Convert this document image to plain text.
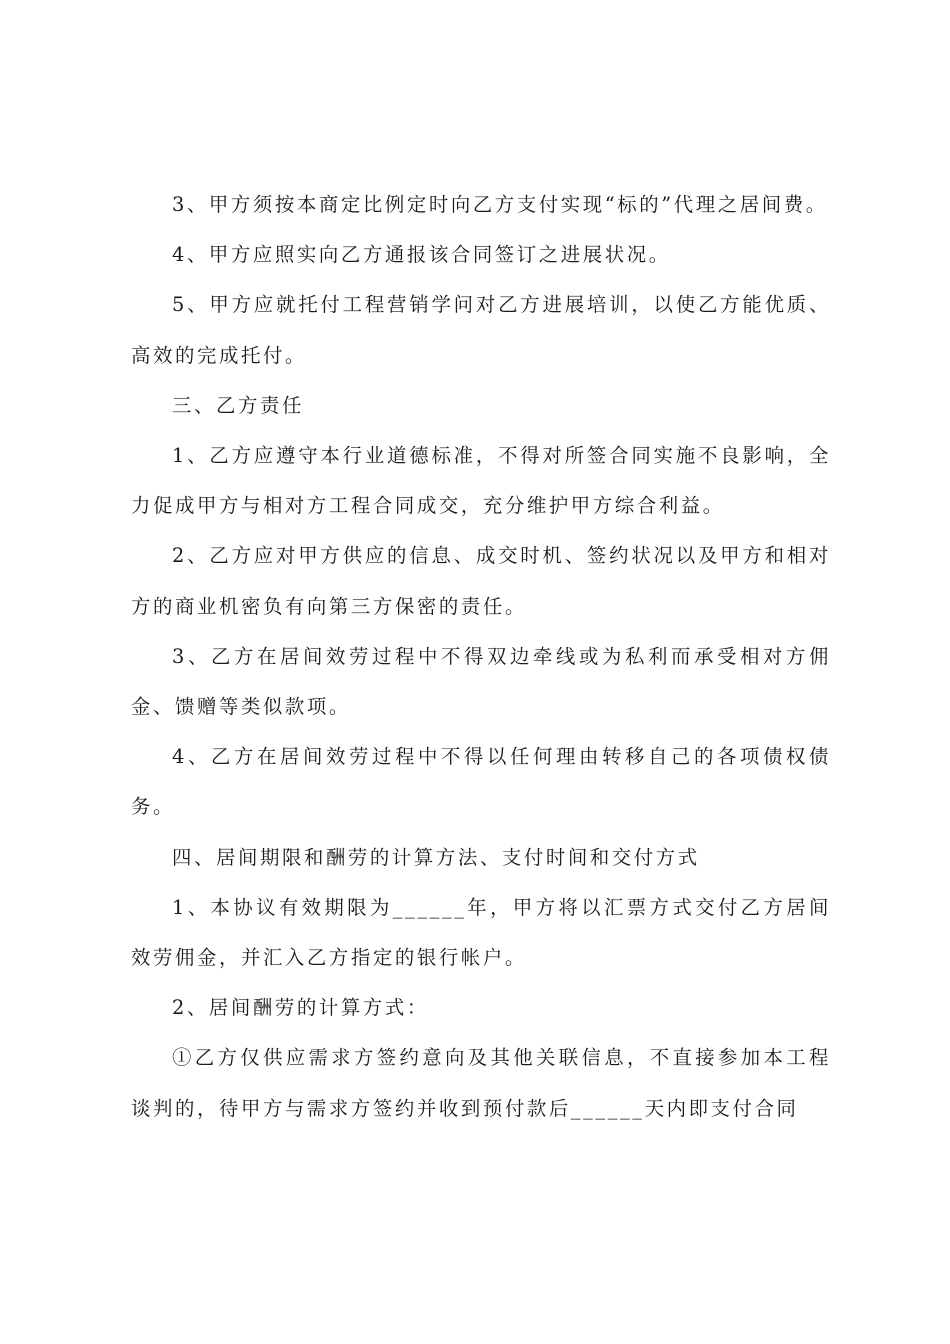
3、甲方须按本商定比例定时向乙方支付实现“标的”代理之居间费。

4、甲方应照实向乙方通报该合同签订之进展状况。

5、甲方应就托付工程营销学问对乙方进展培训，以使乙方能优质、高效的完成托付。

三、乙方责任

1、乙方应遵守本行业道德标准，不得对所签合同实施不良影响，全力促成甲方与相对方工程合同成交，充分维护甲方综合利益。

2、乙方应对甲方供应的信息、成交时机、签约状况以及甲方和相对方的商业机密负有向第三方保密的责任。

3、乙方在居间效劳过程中不得双边牵线或为私利而承受相对方佣金、馈赠等类似款项。

4、乙方在居间效劳过程中不得以任何理由转移自己的各项债权债务。

四、居间期限和酬劳的计算方法、支付时间和交付方式

1、本协议有效期限为______年，甲方将以汇票方式交付乙方居间效劳佣金，并汇入乙方指定的银行帐户。

2、居间酬劳的计算方式：

①乙方仅供应需求方签约意向及其他关联信息，不直接参加本工程谈判的，待甲方与需求方签约并收到预付款后______天内即支付合同
